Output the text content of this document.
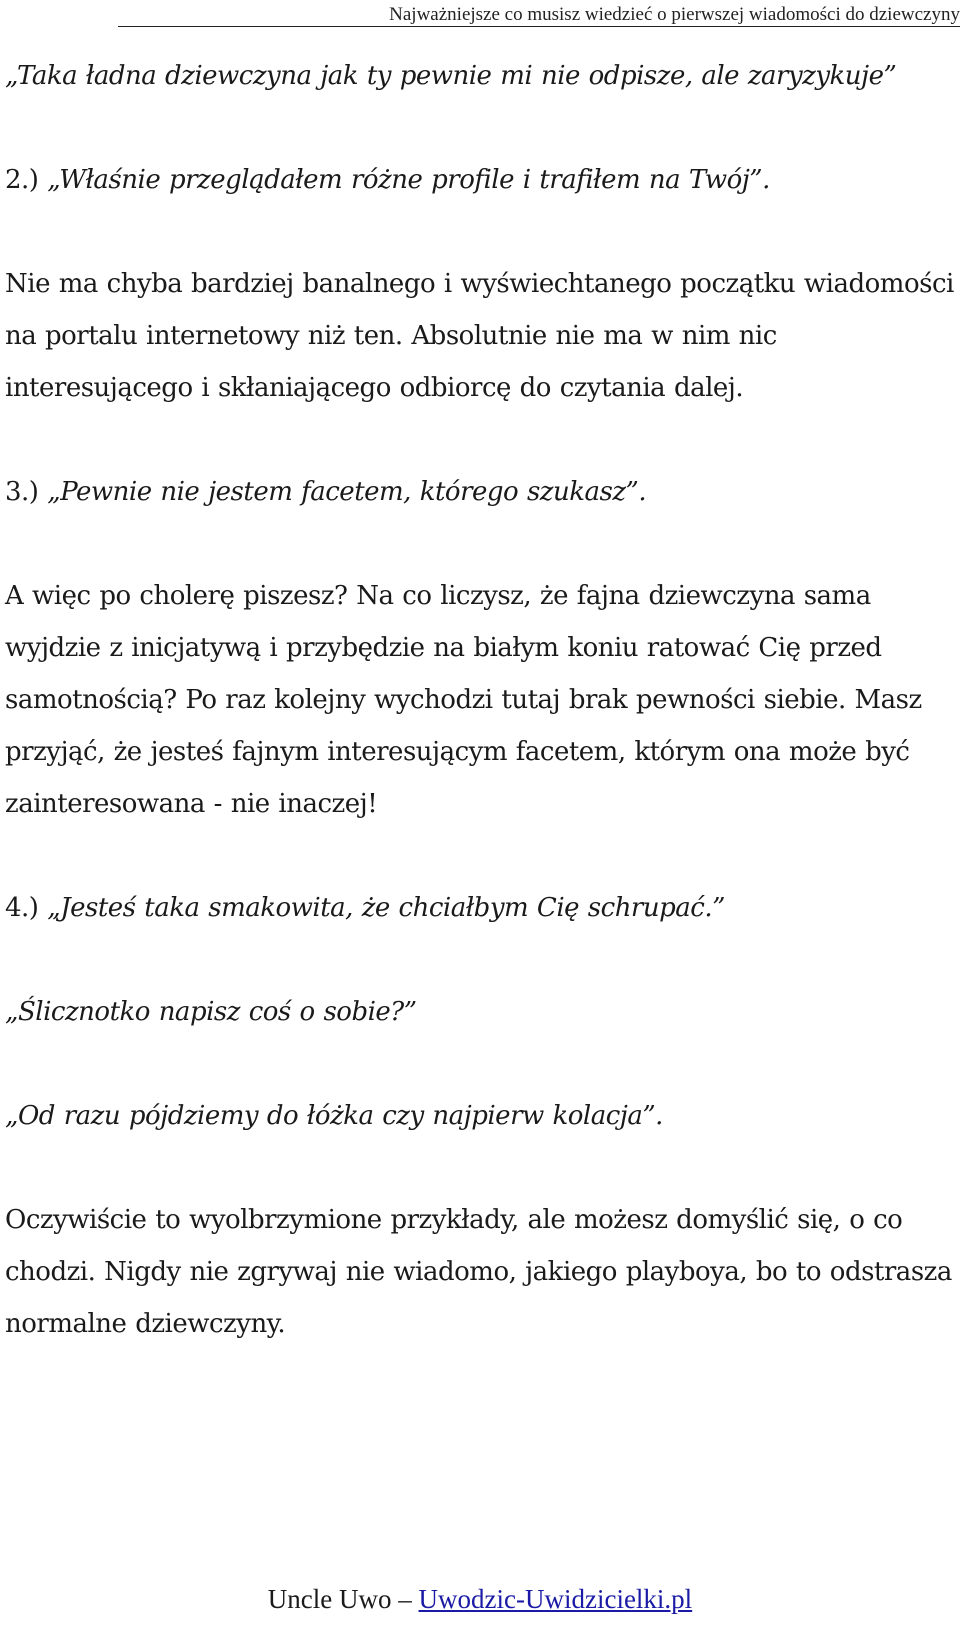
Najważniejsze co musisz wiedzieć o pierwszej wiadomości do dziewczyny

„Taka ładna dziewczyna jak ty pewnie mi nie odpisze, ale zaryzykuje”

2.) „Właśnie przeglądałem różne profile i trafiłem na Twój”.

Nie ma chyba bardziej banalnego i wyświechtanego początku wiadomości na portalu internetowy niż ten. Absolutnie nie ma w nim nic interesującego i skłaniającego odbiorcę do czytania dalej.

3.) „Pewnie nie jestem facetem, którego szukasz”.

A więc po cholerę piszesz? Na co liczysz, że fajna dziewczyna sama wyjdzie z inicjatywą i przybędzie na białym koniu ratować Cię przed samotnością? Po raz kolejny wychodzi tutaj brak pewności siebie. Masz przyjąć, że jesteś fajnym interesującym facetem, którym ona może być zainteresowana - nie inaczej!

4.) „Jesteś taka smakowita, że chciałbym Cię schrupać.”

„Ślicznotko napisz coś o sobie?”

„Od razu pójdziemy do łóżka czy najpierw kolacja”.

Oczywiście to wyolbrzymione przykłady, ale możesz domyślić się, o co chodzi. Nigdy nie zgrywaj nie wiadomo, jakiego playboya, bo to odstrasza normalne dziewczyny.

Uncle Uwo – Uwodzic-Uwidzicielki.pl
